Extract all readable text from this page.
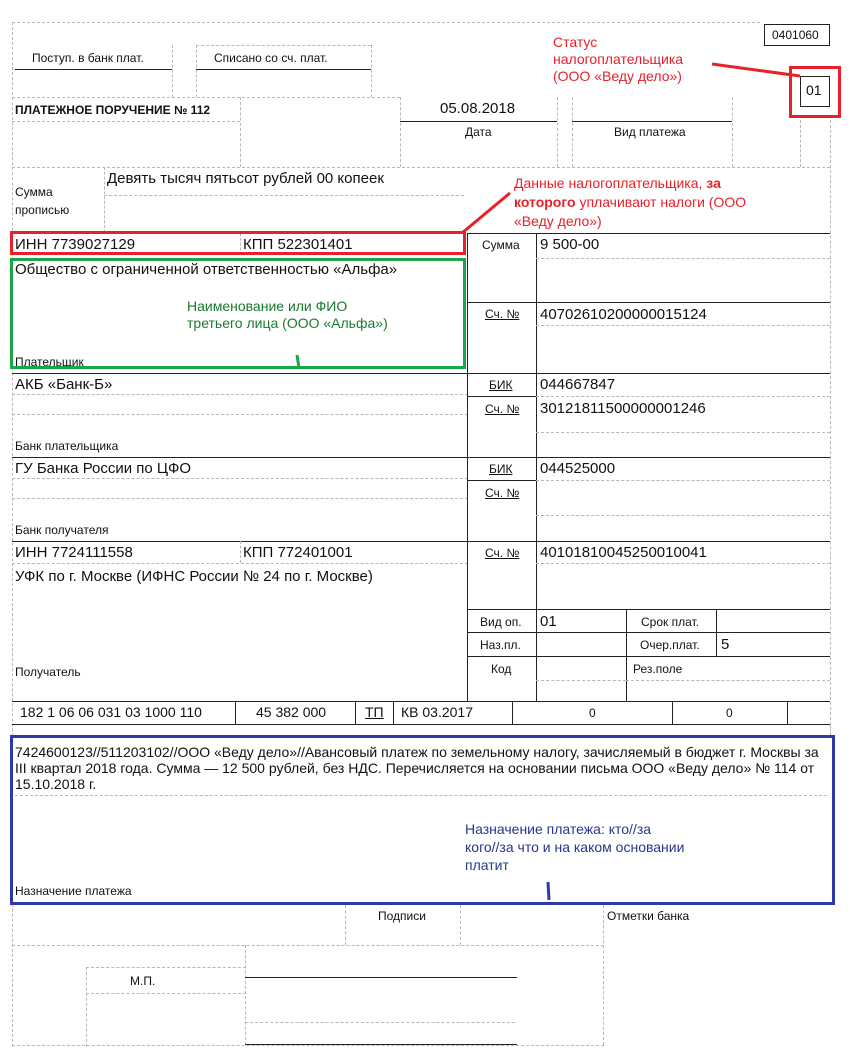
0401060
Поступ. в банк плат.	Списано со сч. плат.
01
ПЛАТЕЖНОЕ ПОРУЧЕНИЕ № 112	05.08.2018
Дата	Вид платежа
Сумма
прописью
Девять тысяч пятьсот рублей 00 копеек
Сумма 9 500-00
ИНН 7739027129	КПП 522301401
Общество с ограниченной ответственностью «Альфа»
Плательщик
Сч. № 40702610200000015124
АКБ «Банк-Б»
Банк плательщика
БИК 044667847
Сч. № 30121811500000001246
ГУ Банка России по ЦФО
Банк получателя
БИК 044525000
Сч. №
ИНН 7724111558	КПП 772401001
УФК по г. Москве (ИФНС России № 24 по г. Москве)
Получатель
Сч. № 40101810045250010041
Вид оп. 01	Срок плат.
Наз.пл.	Очер.плат. 5
Код	Рез.поле
182 1 06 06 031 03 1000 110	45 382 000	ТП КВ 03.2017	0	0
7424600123//511203102//ООО «Веду дело»//Авансовый платеж по земельному налогу, зачисляемый в бюджет г. Москвы за III квартал 2018 года. Сумма — 12 500 рублей, без НДС. Перечисляется на основании письма ООО «Веду дело» № 114 от 15.10.2018 г.
Назначение платежа
Подписи	Отметки банка
М.П.
Статус
налогоплательщика
(ООО «Веду дело»)
Данные налогоплательщика, за
которого уплачивают налоги (ООО
«Веду дело»)
Наименование или ФИО
третьего лица (ООО «Альфа»)
Назначение платежа: кто//за
кого//за что и на каком основании
платит
